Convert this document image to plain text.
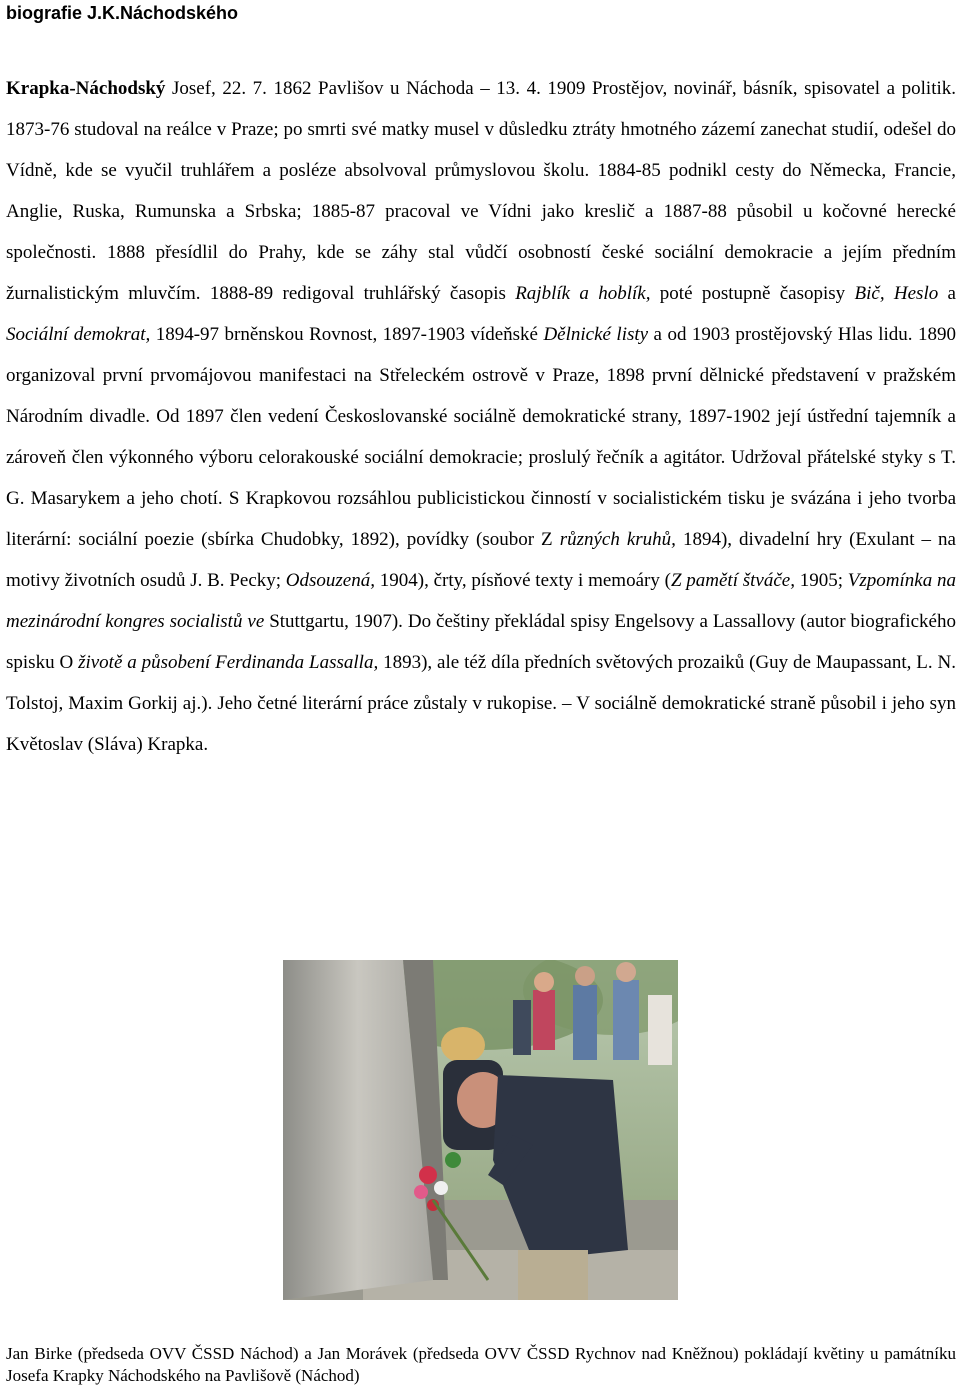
biografie J.K.Náchodského

Krapka-Náchodský Josef, 22. 7. 1862 Pavlišov u Náchoda – 13. 4. 1909 Prostějov, novinář, básník, spisovatel a politik. 1873-76 studoval na reálce v Praze; po smrti své matky musel v důsledku ztráty hmotného zázemí zanechat studií, odešel do Vídně, kde se vyučil truhlářem a posléze absolvoval průmyslovou školu. 1884-85 podnikl cesty do Německa, Francie, Anglie, Ruska, Rumunska a Srbska; 1885-87 pracoval ve Vídni jako kreslič a 1887-88 působil u kočovné herecké společnosti. 1888 přesídlil do Prahy, kde se záhy stal vůdčí osobností české sociální demokracie a jejím předním žurnalistickým mluvčím. 1888-89 redigoval truhlářský časopis Rajblík a hoblík, poté postupně časopisy Bič, Heslo a Sociální demokrat, 1894-97 brněnskou Rovnost, 1897-1903 vídeňské Dělnické listy a od 1903 prostějovský Hlas lidu. 1890 organizoval první prvomájovou manifestaci na Střeleckém ostrově v Praze, 1898 první dělnické představení v pražském Národním divadle. Od 1897 člen vedení Českoslovanské sociálně demokratické strany, 1897-1902 její ústřední tajemník a zároveň člen výkonného výboru celorakouské sociální demokracie; proslulý řečník a agitátor. Udržoval přátelské styky s T. G. Masarykem a jeho chotí. S Krapkovou rozsáhlou publicistickou činností v socialistickém tisku je svázána i jeho tvorba literární: sociální poezie (sbírka Chudobky, 1892), povídky (soubor Z různých kruhů, 1894), divadelní hry (Exulant – na motivy životních osudů J. B. Pecky; Odsouzená, 1904), črty, písňové texty i memoáry (Z pamětí štváče, 1905; Vzpomínka na mezinárodní kongres socialistů ve Stuttgartu, 1907). Do češtiny překládal spisy Engelsovy a Lassallovy (autor biografického spisku O životě a působení Ferdinanda Lassalla, 1893), ale též díla předních světových prozaiků (Guy de Maupassant, L. N. Tolstoj, Maxim Gorkij aj.). Jeho četné literární práce zůstaly v rukopise. – V sociálně demokratické straně působil i jeho syn Květoslav (Sláva) Krapka.

Jan Birke (předseda OVV ČSSD Náchod) a Jan Morávek (předseda OVV ČSSD Rychnov nad Kněžnou) pokládají květiny u památníku Josefa Krapky Náchodského na Pavlišově (Náchod)
